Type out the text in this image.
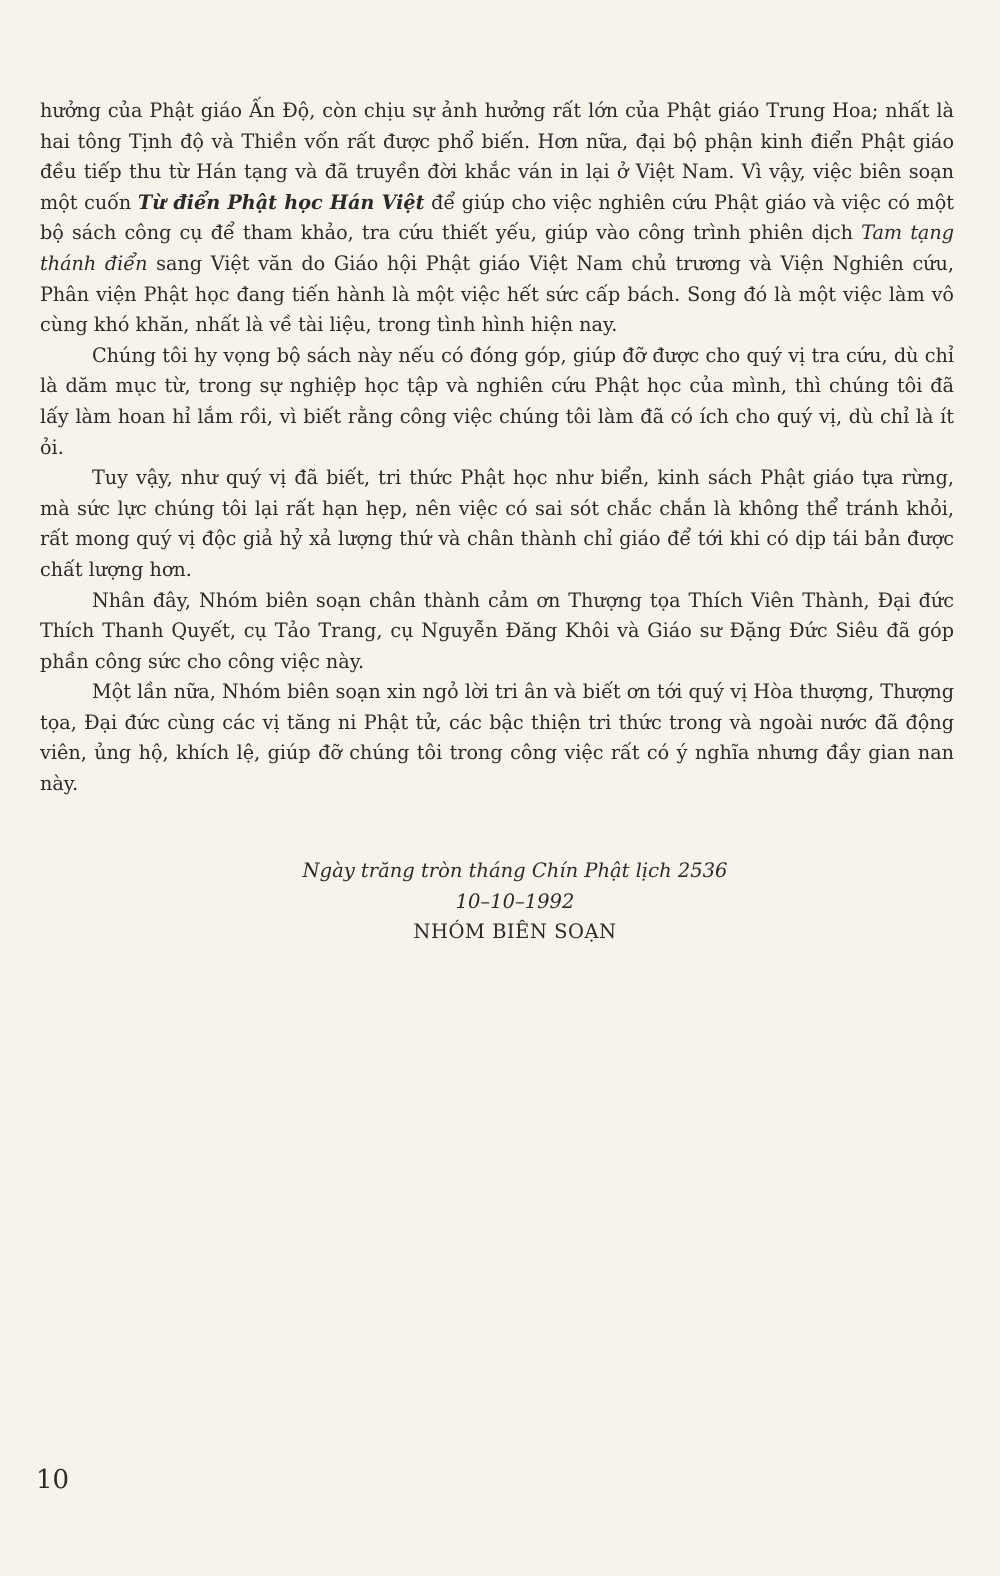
hưởng của Phật giáo Ấn Độ, còn chịu sự ảnh hưởng rất lớn của Phật giáo Trung Hoa; nhất là hai tông Tịnh độ và Thiền vốn rất được phổ biến. Hơn nữa, đại bộ phận kinh điển Phật giáo đều tiếp thu từ Hán tạng và đã truyền đời khắc ván in lại ở Việt Nam. Vì vậy, việc biên soạn một cuốn Từ điển Phật học Hán Việt để giúp cho việc nghiên cứu Phật giáo và việc có một bộ sách công cụ để tham khảo, tra cứu thiết yếu, giúp vào công trình phiên dịch Tam tạng thánh điển sang Việt văn do Giáo hội Phật giáo Việt Nam chủ trương và Viện Nghiên cứu, Phân viện Phật học đang tiến hành là một việc hết sức cấp bách. Song đó là một việc làm vô cùng khó khăn, nhất là về tài liệu, trong tình hình hiện nay.

Chúng tôi hy vọng bộ sách này nếu có đóng góp, giúp đỡ được cho quý vị tra cứu, dù chỉ là dăm mục từ, trong sự nghiệp học tập và nghiên cứu Phật học của mình, thì chúng tôi đã lấy làm hoan hỉ lắm rồi, vì biết rằng công việc chúng tôi làm đã có ích cho quý vị, dù chỉ là ít ỏi.

Tuy vậy, như quý vị đã biết, tri thức Phật học như biển, kinh sách Phật giáo tựa rừng, mà sức lực chúng tôi lại rất hạn hẹp, nên việc có sai sót chắc chắn là không thể tránh khỏi, rất mong quý vị độc giả hỷ xả lượng thứ và chân thành chỉ giáo để tới khi có dịp tái bản được chất lượng hơn.

Nhân đây, Nhóm biên soạn chân thành cảm ơn Thượng tọa Thích Viên Thành, Đại đức Thích Thanh Quyết, cụ Tảo Trang, cụ Nguyễn Đăng Khôi và Giáo sư Đặng Đức Siêu đã góp phần công sức cho công việc này.

Một lần nữa, Nhóm biên soạn xin ngỏ lời tri ân và biết ơn tới quý vị Hòa thượng, Thượng tọa, Đại đức cùng các vị tăng ni Phật tử, các bậc thiện tri thức trong và ngoài nước đã động viên, ủng hộ, khích lệ, giúp đỡ chúng tôi trong công việc rất có ý nghĩa nhưng đầy gian nan này.

Ngày trăng tròn tháng Chín Phật lịch 2536
10–10–1992
NHÓM BIÊN SOẠN
10
